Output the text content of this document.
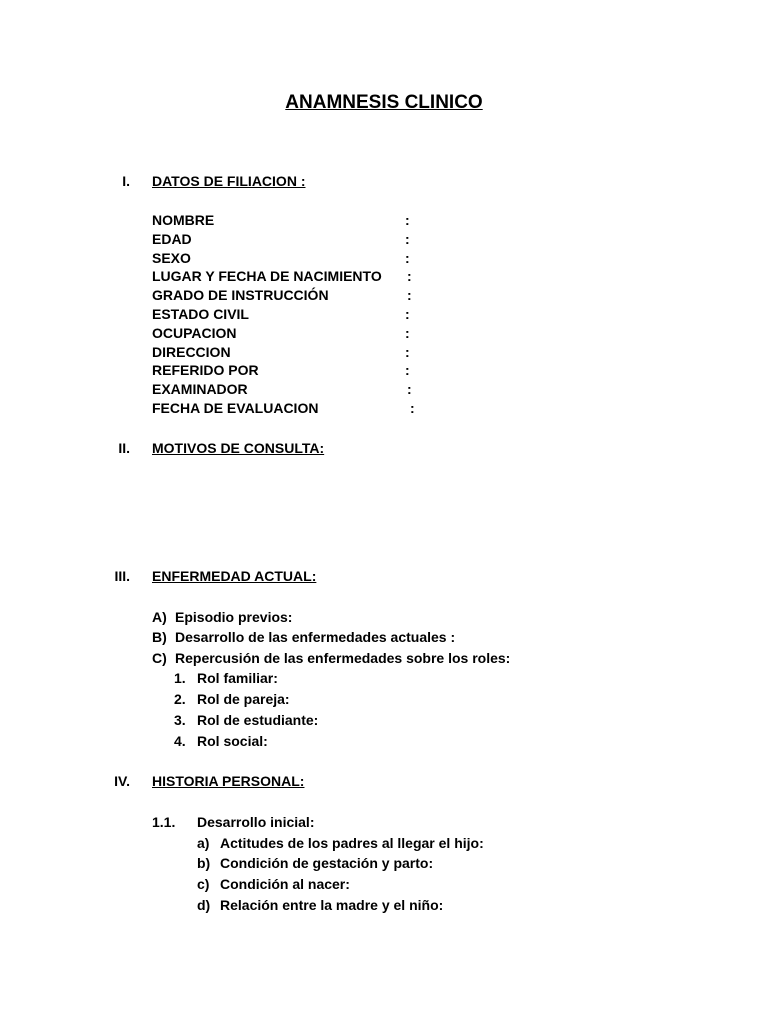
ANAMNESIS CLINICO
I. DATOS DE FILIACION :
NOMBRE	:
EDAD	:
SEXO	:
LUGAR Y FECHA DE NACIMIENTO :
GRADO DE INSTRUCCIÓN	:
ESTADO CIVIL	:
OCUPACION	:
DIRECCION	:
REFERIDO POR	:
EXAMINADOR	:
FECHA DE EVALUACION	:
II. MOTIVOS DE CONSULTA:
III. ENFERMEDAD ACTUAL:
A) Episodio previos:
B) Desarrollo de las enfermedades actuales :
C) Repercusión de las enfermedades sobre los roles:
1. Rol familiar:
2. Rol de pareja:
3. Rol de estudiante:
4. Rol social:
IV. HISTORIA PERSONAL:
1.1. Desarrollo inicial:
a) Actitudes de los padres al llegar el hijo:
b) Condición de gestación y parto:
c) Condición al nacer:
d) Relación entre la madre y el niño:
